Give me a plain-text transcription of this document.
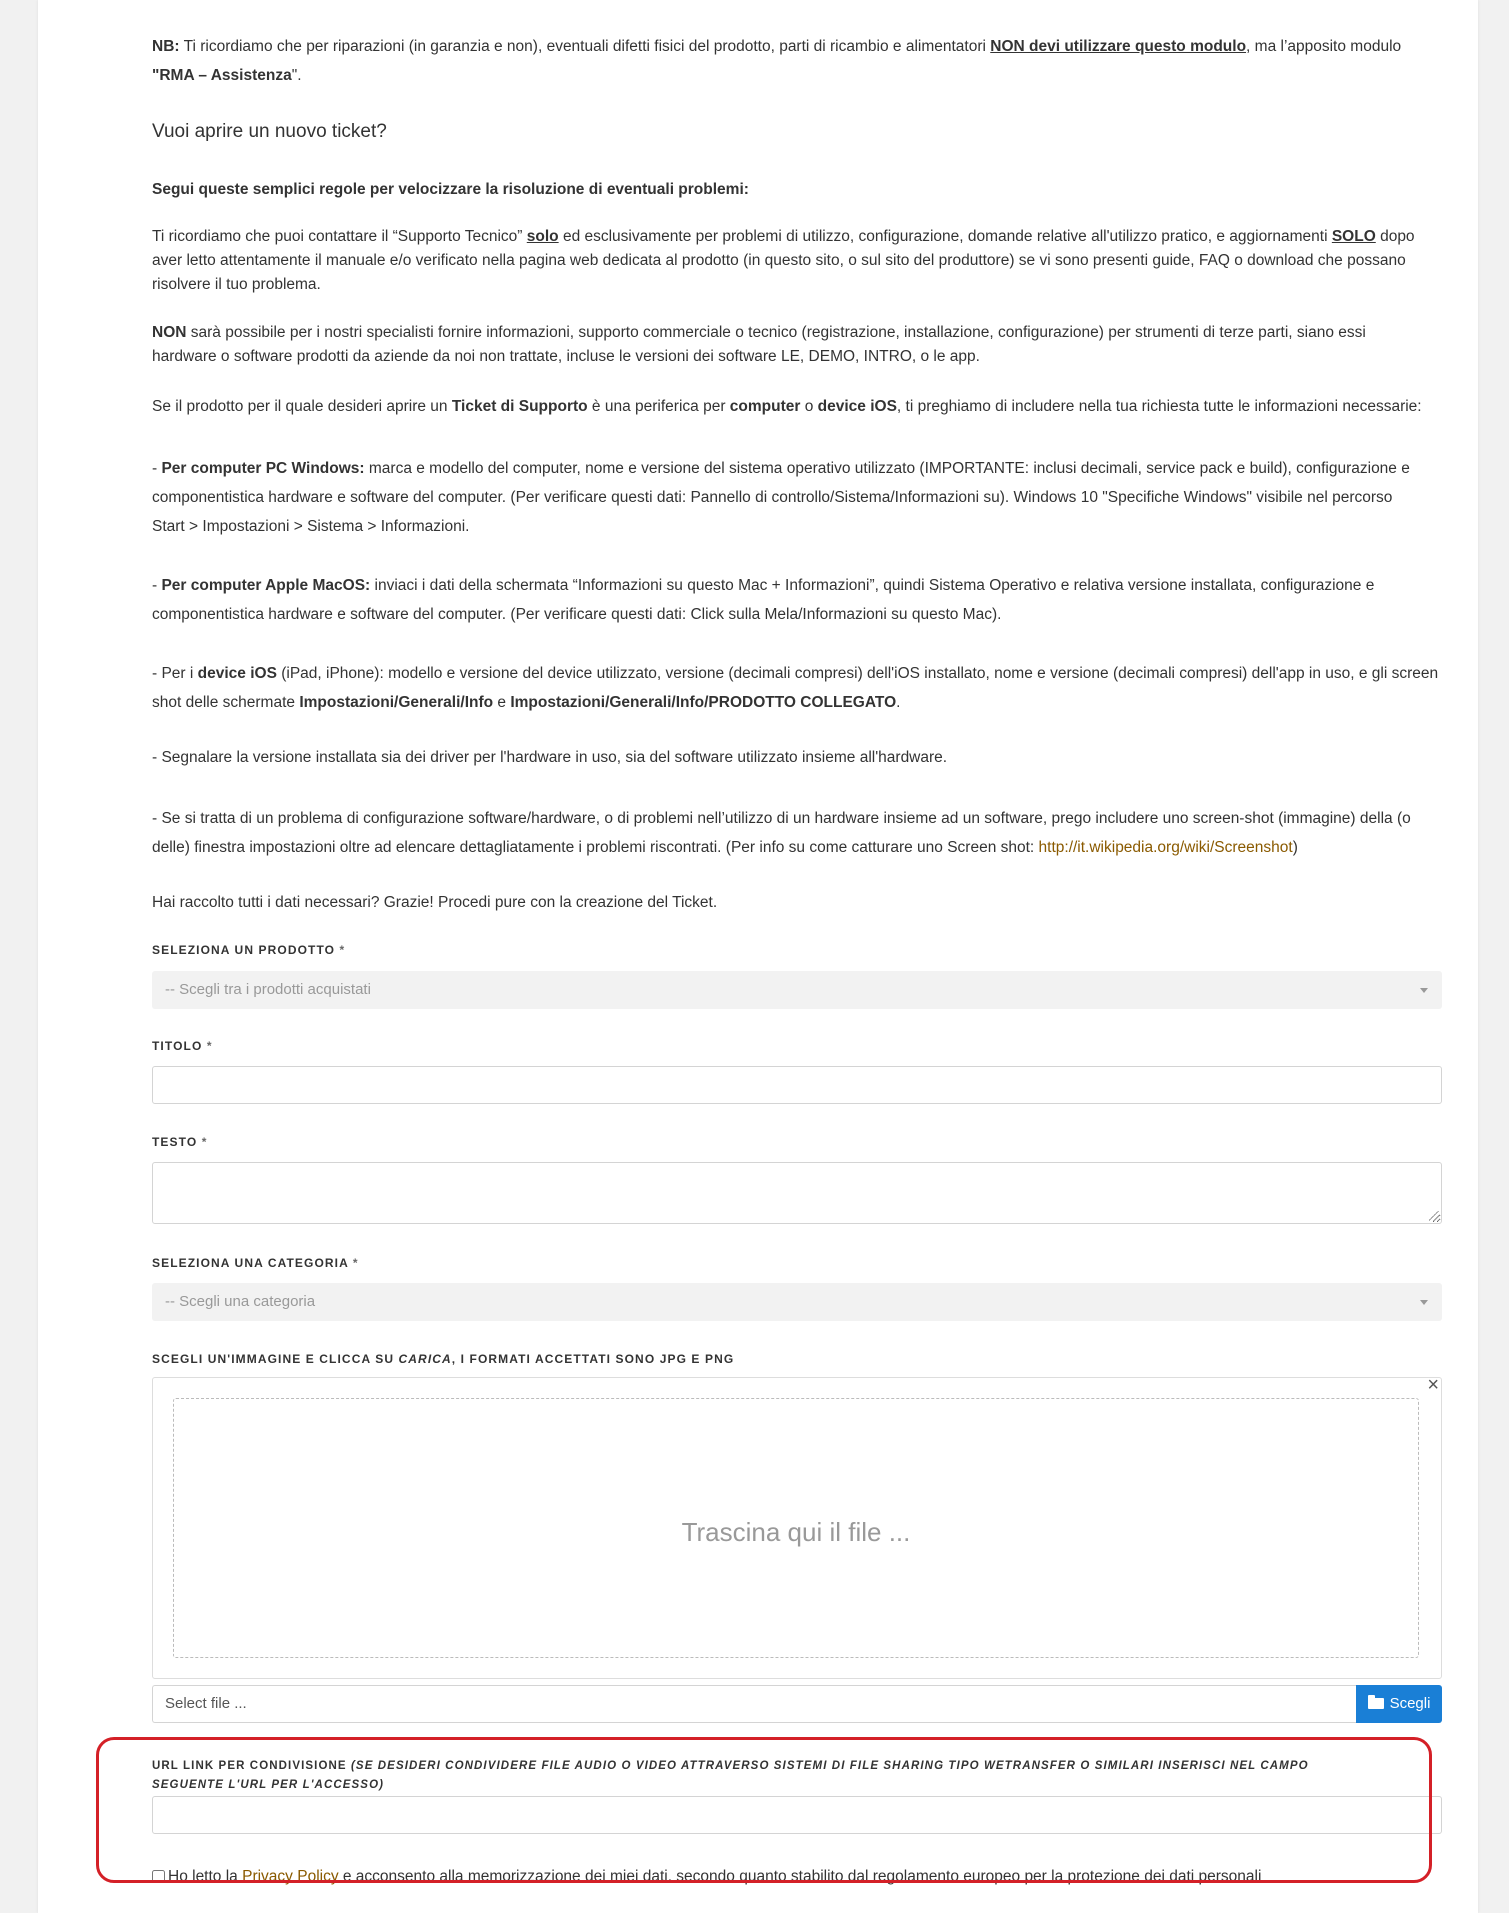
NB: Ti ricordiamo che per riparazioni (in garanzia e non), eventuali difetti fisici del prodotto, parti di ricambio e alimentatori NON devi utilizzare questo modulo, ma l’apposito modulo

"RMA – Assistenza".

Vuoi aprire un nuovo ticket?

Segui queste semplici regole per velocizzare la risoluzione di eventuali problemi:

Ti ricordiamo che puoi contattare il “Supporto Tecnico” solo ed esclusivamente per problemi di utilizzo, configurazione, domande relative all'utilizzo pratico, e aggiornamenti SOLO dopo
aver letto attentamente il manuale e/o verificato nella pagina web dedicata al prodotto (in questo sito, o sul sito del produttore) se vi sono presenti guide, FAQ o download che possano
risolvere il tuo problema.

NON sarà possibile per i nostri specialisti fornire informazioni, supporto commerciale o tecnico (registrazione, installazione, configurazione) per strumenti di terze parti, siano essi
hardware o software prodotti da aziende da noi non trattate, incluse le versioni dei software LE, DEMO, INTRO, o le app.

Se il prodotto per il quale desideri aprire un Ticket di Supporto è una periferica per computer o device iOS, ti preghiamo di includere nella tua richiesta tutte le informazioni necessarie:

- Per computer PC Windows: marca e modello del computer, nome e versione del sistema operativo utilizzato (IMPORTANTE: inclusi decimali, service pack e build), configurazione e
componentistica hardware e software del computer. (Per verificare questi dati: Pannello di controllo/Sistema/Informazioni su). Windows 10 "Specifiche Windows" visibile nel percorso
Start > Impostazioni > Sistema > Informazioni.

- Per computer Apple MacOS: inviaci i dati della schermata “Informazioni su questo Mac + Informazioni”, quindi Sistema Operativo e relativa versione installata, configurazione e
componentistica hardware e software del computer. (Per verificare questi dati: Click sulla Mela/Informazioni su questo Mac).

- Per i device iOS (iPad, iPhone): modello e versione del device utilizzato, versione (decimali compresi) dell'iOS installato, nome e versione (decimali compresi) dell'app in uso, e gli screen
shot delle schermate Impostazioni/Generali/Info e Impostazioni/Generali/Info/PRODOTTO COLLEGATO.

- Segnalare la versione installata sia dei driver per l'hardware in uso, sia del software utilizzato insieme all'hardware.

- Se si tratta di un problema di configurazione software/hardware, o di problemi nell’utilizzo di un hardware insieme ad un software, prego includere uno screen-shot (immagine) della (o
delle) finestra impostazioni oltre ad elencare dettagliatamente i problemi riscontrati. (Per info su come catturare uno Screen shot: http://it.wikipedia.org/wiki/Screenshot)

Hai raccolto tutti i dati necessari? Grazie! Procedi pure con la creazione del Ticket.

SELEZIONA UN PRODOTTO *
-- Scegli tra i prodotti acquistati
TITOLO *
TESTO *
SELEZIONA UNA CATEGORIA *
-- Scegli una categoria
SCEGLI UN'IMMAGINE E CLICCA SU CARICA, I FORMATI ACCETTATI SONO JPG E PNG
×
Trascina qui il file ...
Select file ...	Scegli
URL LINK PER CONDIVISIONE (SE DESIDERI CONDIVIDERE FILE AUDIO O VIDEO ATTRAVERSO SISTEMI DI FILE SHARING TIPO WETRANSFER O SIMILARI INSERISCI NEL CAMPO
SEGUENTE L'URL PER L'ACCESSO)
Ho letto la Privacy Policy e acconsento alla memorizzazione dei miei dati, secondo quanto stabilito dal regolamento europeo per la protezione dei dati personali
